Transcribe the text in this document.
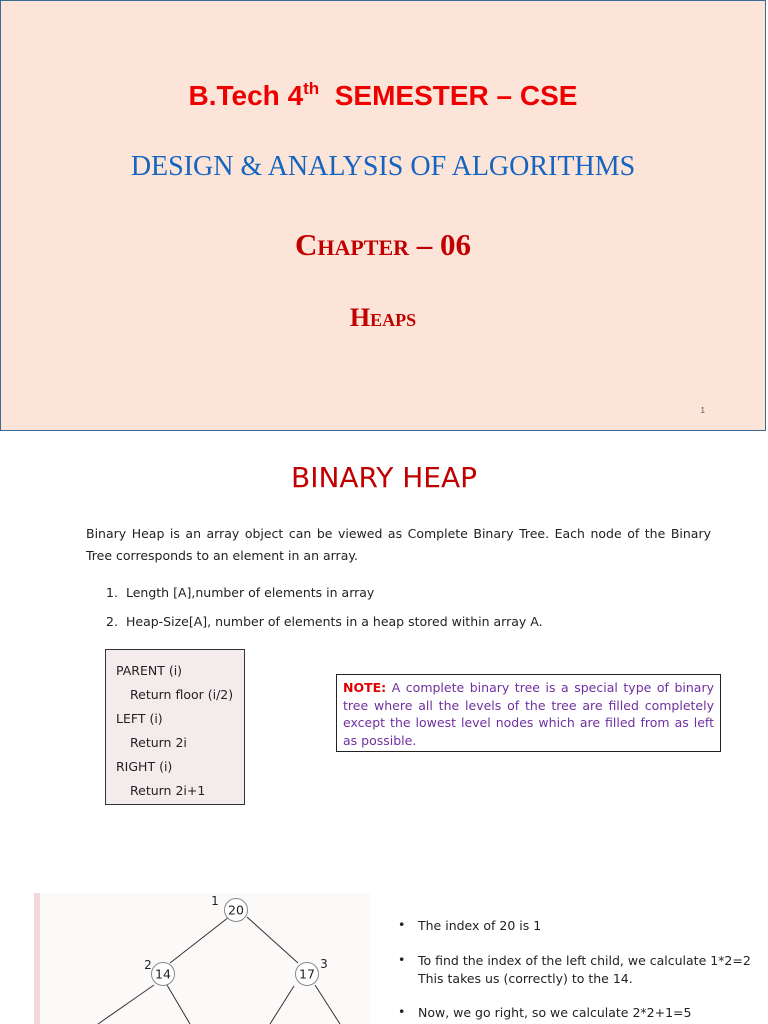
B.Tech 4th  SEMESTER – CSE
DESIGN & ANALYSIS OF ALGORITHMS
Chapter – 06
Heaps
1
BINARY HEAP
Binary Heap is an array object can be viewed as Complete Binary Tree. Each node of the Binary Tree corresponds to an element in an array.
1. Length [A],number of elements in array
2. Heap-Size[A], number of elements in a heap stored within array A.
PARENT (i)
Return floor (i/2)
LEFT (i)
Return 2i
RIGHT (i)
Return 2i+1
NOTE: A complete binary tree is a special type of binary tree where all the levels of the tree are filled completely except the lowest level nodes which are filled from as left as possible.
20
1
14
2
17
3
• The index of 20 is 1
• To find the index of the left child, we calculate 1*2=2
This takes us (correctly) to the 14.
• Now, we go right, so we calculate 2*2+1=5
